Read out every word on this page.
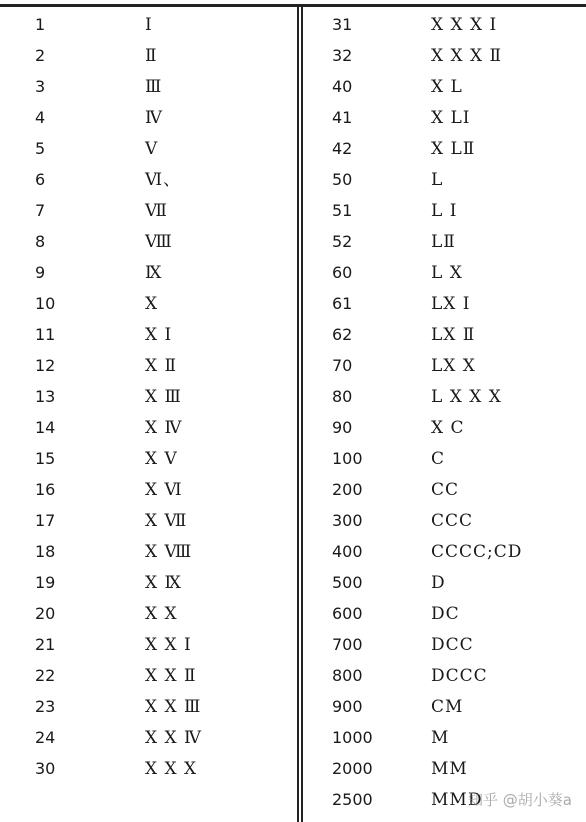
1	Ⅰ
2	Ⅱ
3	Ⅲ
4	Ⅳ
5	Ⅴ
6	Ⅵ、
7	Ⅶ
8	Ⅷ
9	Ⅸ
10	Ⅹ
11	Ⅹ Ⅰ
12	Ⅹ Ⅱ
13	Ⅹ Ⅲ
14	Ⅹ Ⅳ
15	Ⅹ Ⅴ
16	Ⅹ Ⅵ
17	Ⅹ Ⅶ
18	Ⅹ Ⅷ
19	Ⅹ Ⅸ
20	Ⅹ Ⅹ
21	Ⅹ Ⅹ Ⅰ
22	Ⅹ Ⅹ Ⅱ
23	Ⅹ Ⅹ Ⅲ
24	Ⅹ Ⅹ Ⅳ
30	Ⅹ Ⅹ Ⅹ
31	Ⅹ Ⅹ Ⅹ Ⅰ
32	Ⅹ Ⅹ Ⅹ Ⅱ
40	Ⅹ L
41	Ⅹ LⅠ
42	Ⅹ LⅡ
50	L
51	L Ⅰ
52	LⅡ
60	L Ⅹ
61	LⅩ Ⅰ
62	LⅩ Ⅱ
70	LⅩ Ⅹ
80	L Ⅹ Ⅹ Ⅹ
90	Ⅹ C
100	C
200	CC
300	CCC
400	CCCC;CD
500	D
600	DC
700	DCC
800	DCCC
900	CM
1000	M
2000	MM
2500	MMD
知乎 @胡小葵a
